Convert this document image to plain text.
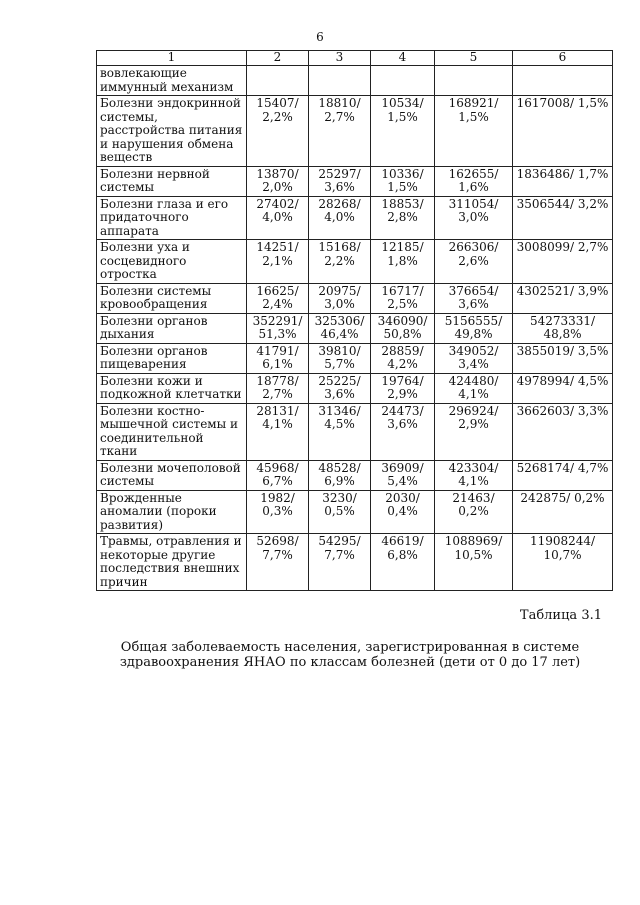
6
1	2	3	4	5	6
вовлекающие иммунный механизм					
Болезни эндокринной системы, расстройства питания и нарушения обмена веществ	15407/ 2,2%	18810/ 2,7%	10534/ 1,5%	168921/ 1,5%	1617008/ 1,5%
Болезни нервной системы	13870/ 2,0%	25297/ 3,6%	10336/ 1,5%	162655/ 1,6%	1836486/ 1,7%
Болезни глаза и его придаточного аппарата	27402/ 4,0%	28268/ 4,0%	18853/ 2,8%	311054/ 3,0%	3506544/ 3,2%
Болезни уха и сосцевидного отростка	14251/ 2,1%	15168/ 2,2%	12185/ 1,8%	266306/ 2,6%	3008099/ 2,7%
Болезни системы кровообращения	16625/ 2,4%	20975/ 3,0%	16717/ 2,5%	376654/ 3,6%	4302521/ 3,9%
Болезни органов дыхания	352291/ 51,3%	325306/ 46,4%	346090/ 50,8%	5156555/ 49,8%	54273331/ 48,8%
Болезни органов пищеварения	41791/ 6,1%	39810/ 5,7%	28859/ 4,2%	349052/ 3,4%	3855019/ 3,5%
Болезни кожи и подкожной клетчатки	18778/ 2,7%	25225/ 3,6%	19764/ 2,9%	424480/ 4,1%	4978994/ 4,5%
Болезни костно-мышечной системы и соединительной ткани	28131/ 4,1%	31346/ 4,5%	24473/ 3,6%	296924/ 2,9%	3662603/ 3,3%
Болезни мочеполовой системы	45968/ 6,7%	48528/ 6,9%	36909/ 5,4%	423304/ 4,1%	5268174/ 4,7%
Врожденные аномалии (пороки развития)	1982/ 0,3%	3230/ 0,5%	2030/ 0,4%	21463/ 0,2%	242875/ 0,2%
Травмы, отравления и некоторые другие последствия внешних причин	52698/ 7,7%	54295/ 7,7%	46619/ 6,8%	1088969/ 10,5%	11908244/ 10,7%
Таблица 3.1
Общая заболеваемость населения, зарегистрированная в системе здравоохранения ЯНАО по классам болезней (дети от 0 до 17 лет)
